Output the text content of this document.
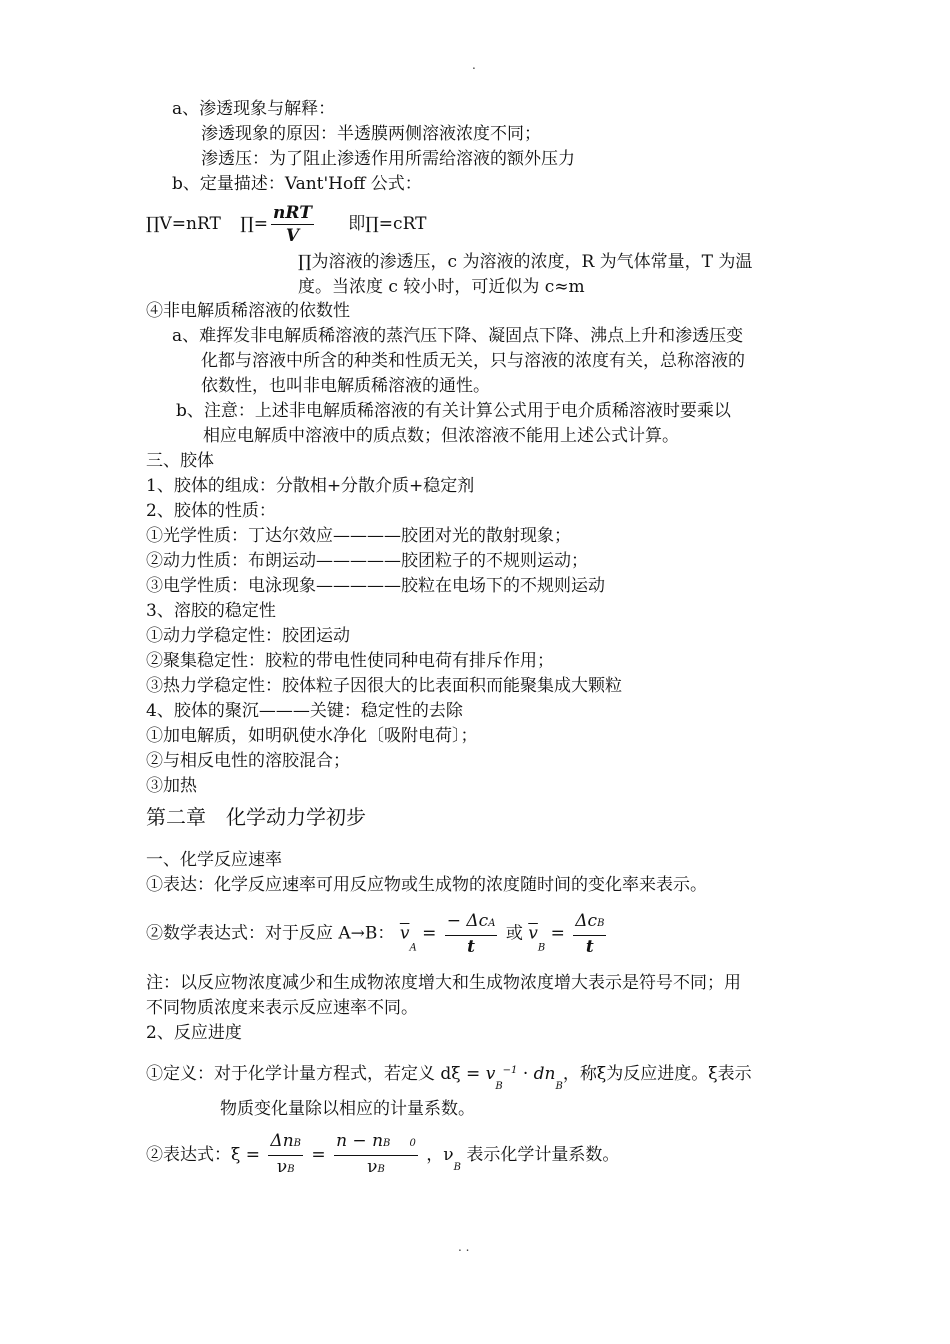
.
a、渗透现象与解释：
渗透现象的原因：半透膜两侧溶液浓度不同；
渗透压：为了阻止渗透作用所需给溶液的额外压力
b、定量描述：Vant'Hoff 公式：
∏V=nRT ∏= $\frac{\text{nRT}}{V}$ 即∏=cRT
∏为溶液的渗透压，c 为溶液的浓度，R 为气体常量，T 为温
度。当浓度 c 较小时，可近似为 c≈m
④非电解质稀溶液的依数性
a、难挥发非电解质稀溶液的蒸汽压下降、凝固点下降、沸点上升和渗透压变
化都与溶液中所含的种类和性质无关，只与溶液的浓度有关，总称溶液的
依数性，也叫非电解质稀溶液的通性。
b、注意：上述非电解质稀溶液的有关计算公式用于电介质稀溶液时要乘以
相应电解质中溶液中的质点数；但浓溶液不能用上述公式计算。
三、胶体
1、胶体的组成：分散相+分散介质+稳定剂
2、胶体的性质：
①光学性质：丁达尔效应————胶团对光的散射现象；
②动力性质：布朗运动—————胶团粒子的不规则运动；
③电学性质：电泳现象—————胶粒在电场下的不规则运动
3、溶胶的稳定性
①动力学稳定性：胶团运动
②聚集稳定性：胶粒的带电性使同种电荷有排斥作用；
③热力学稳定性：胶体粒子因很大的比表面积而能聚集成大颗粒
4、胶体的聚沉———关键：稳定性的去除
①加电解质，如明矾使水净化〔吸附电荷〕；
②与相反电性的溶胶混合；
③加热
第二章　化学动力学初步
一、化学反应速率
①表达：化学反应速率可用反应物或生成物的浓度随时间的变化率来表示。
②数学表达式：对于反应 A→B： $\overline{v}_A = \frac{\text{− ΔcA}}{t}$ 或 $\overline{v}_B = \frac{\text{ΔcB}}{t}$
注：以反应物浓度减少和生成物浓度增大和生成物浓度增大表示是符号不同；用
不同物质浓度来表示反应速率不同。
2、反应进度
①定义：对于化学计量方程式，若定义 $d\xi = v_B^{-1} \cdot dn_B$，称ξ为反应进度。ξ表示
物质变化量除以相应的计量系数。
②表达式：$\xi = \frac{\text{ΔnB}}{\nu B} = \frac{n - nB 0}{\nu B}$ ，$\nu_B$ 表示化学计量系数。
. .
